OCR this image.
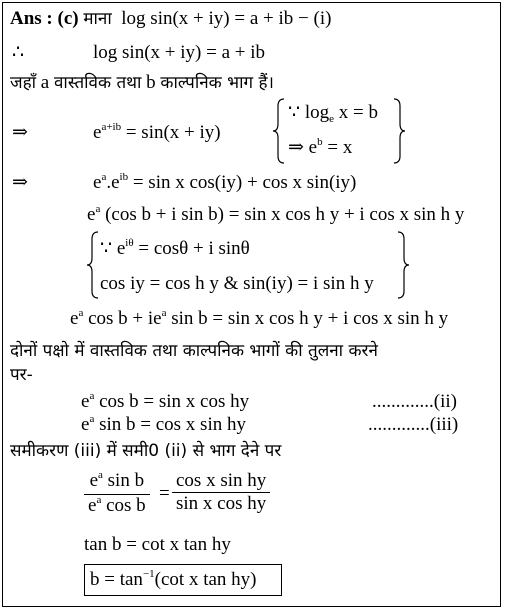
Ans : (c) माना log sin(x + iy) = a + ib − (i)
∴	log sin(x + iy) = a + ib
जहाँ a वास्तविक तथा b काल्पनिक भाग हैं।
⇒	$e^{a+ib} = \sin(x + iy)$
∵ $\log_e x = b$
⇒ $e^b = x$
⇒	$e^a.e^{ib} = \sin x$ cos(iy) + cos x sin(iy)
$e^a$ (cos b + i sin b) = sin x cos h y + i cos x sin h y
∵ $e^{i\theta} = \cos\theta + i$ sinθ
cos iy = cos h y & sin(iy) = i sin h y
$e^a$ $\cos b + ie^a$ sin b = sin x cos h y + i cos x sin h y
दोनों पक्षो में वास्तविक तथा काल्पनिक भागों की तुलना करने
पर-
$e^a$ cos b = sin x cos hy	.............(ii)
$e^a$ sin b = cos x sin hy	.............(iii)
समीकरण (iii) में समी0 (ii) से भाग देने पर
$e^a$ sin b
$e^a$ cos b
=
cos x sin hy
sin x cos hy
tan b = cot x tan hy
$b = \tan^{-1}(\cot$ x tan hy)
